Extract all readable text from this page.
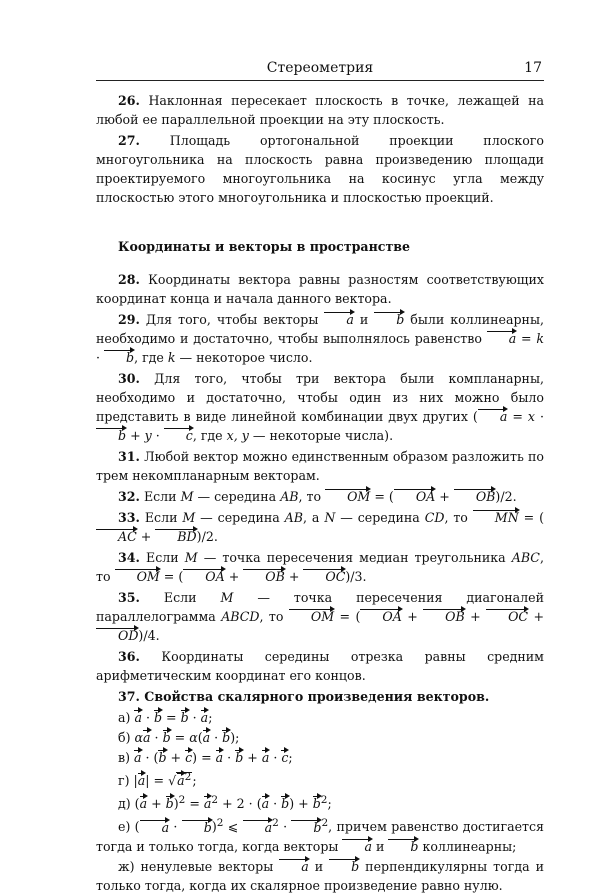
Стереометрия	17

26. Наклонная пересекает плоскость в точке, лежащей на любой ее параллельной проекции на эту плоскость.

27. Площадь ортогональной проекции плоского многоугольника на плоскость равна произведению площади проектируемого многоугольника на косинус угла между плоскостью этого многоугольника и плоскостью проекций.

Координаты и векторы в пространстве

28. Координаты вектора равны разностям соответствующих координат конца и начала данного вектора.

29. Для того, чтобы векторы a и b были коллинеарны, необходимо и достаточно, чтобы выполнялось равенство a = k · b, где k — некоторое число.

30. Для того, чтобы три вектора были компланарны, необходимо и достаточно, чтобы один из них можно было представить в виде линейной комбинации двух других ( a = x · b + y · c, где x, y — некоторые числа).

31. Любой вектор можно единственным образом разложить по трем некомпланарным векторам.

32. Если M — середина AB, то OM = ( OA + OB)/2.

33. Если M — середина AB, а N — середина CD, то MN = (AC + BD)/2.

34. Если M — точка пересечения медиан треугольника ABC, то OM = ( OA + OB + OC)/3.

35. Если M — точка пересечения диагоналей параллелограмма ABCD, то OM = ( OA + OB + OC + OD)/4.

36. Координаты середины отрезка равны средним арифметическим координат его концов.

37. Свойства скалярного произведения векторов.

а) a · b = b · a;

б) αa · b = α(a · b);

в) a · (b + c) = a · b + a · c;

г) $|a| = √a^2$;

д) $(a + b)^2 = a^2 + 2 \cdot (a \cdot b) + b^2$;

е) ( a · b)$^2$ ⩽ $a^2 \cdot b^2$, причем равенство достигается тогда и только тогда, когда векторы a и b коллинеарны;

ж) ненулевые векторы a и b перпендикулярны тогда и только тогда, когда их скалярное произведение равно нулю.
